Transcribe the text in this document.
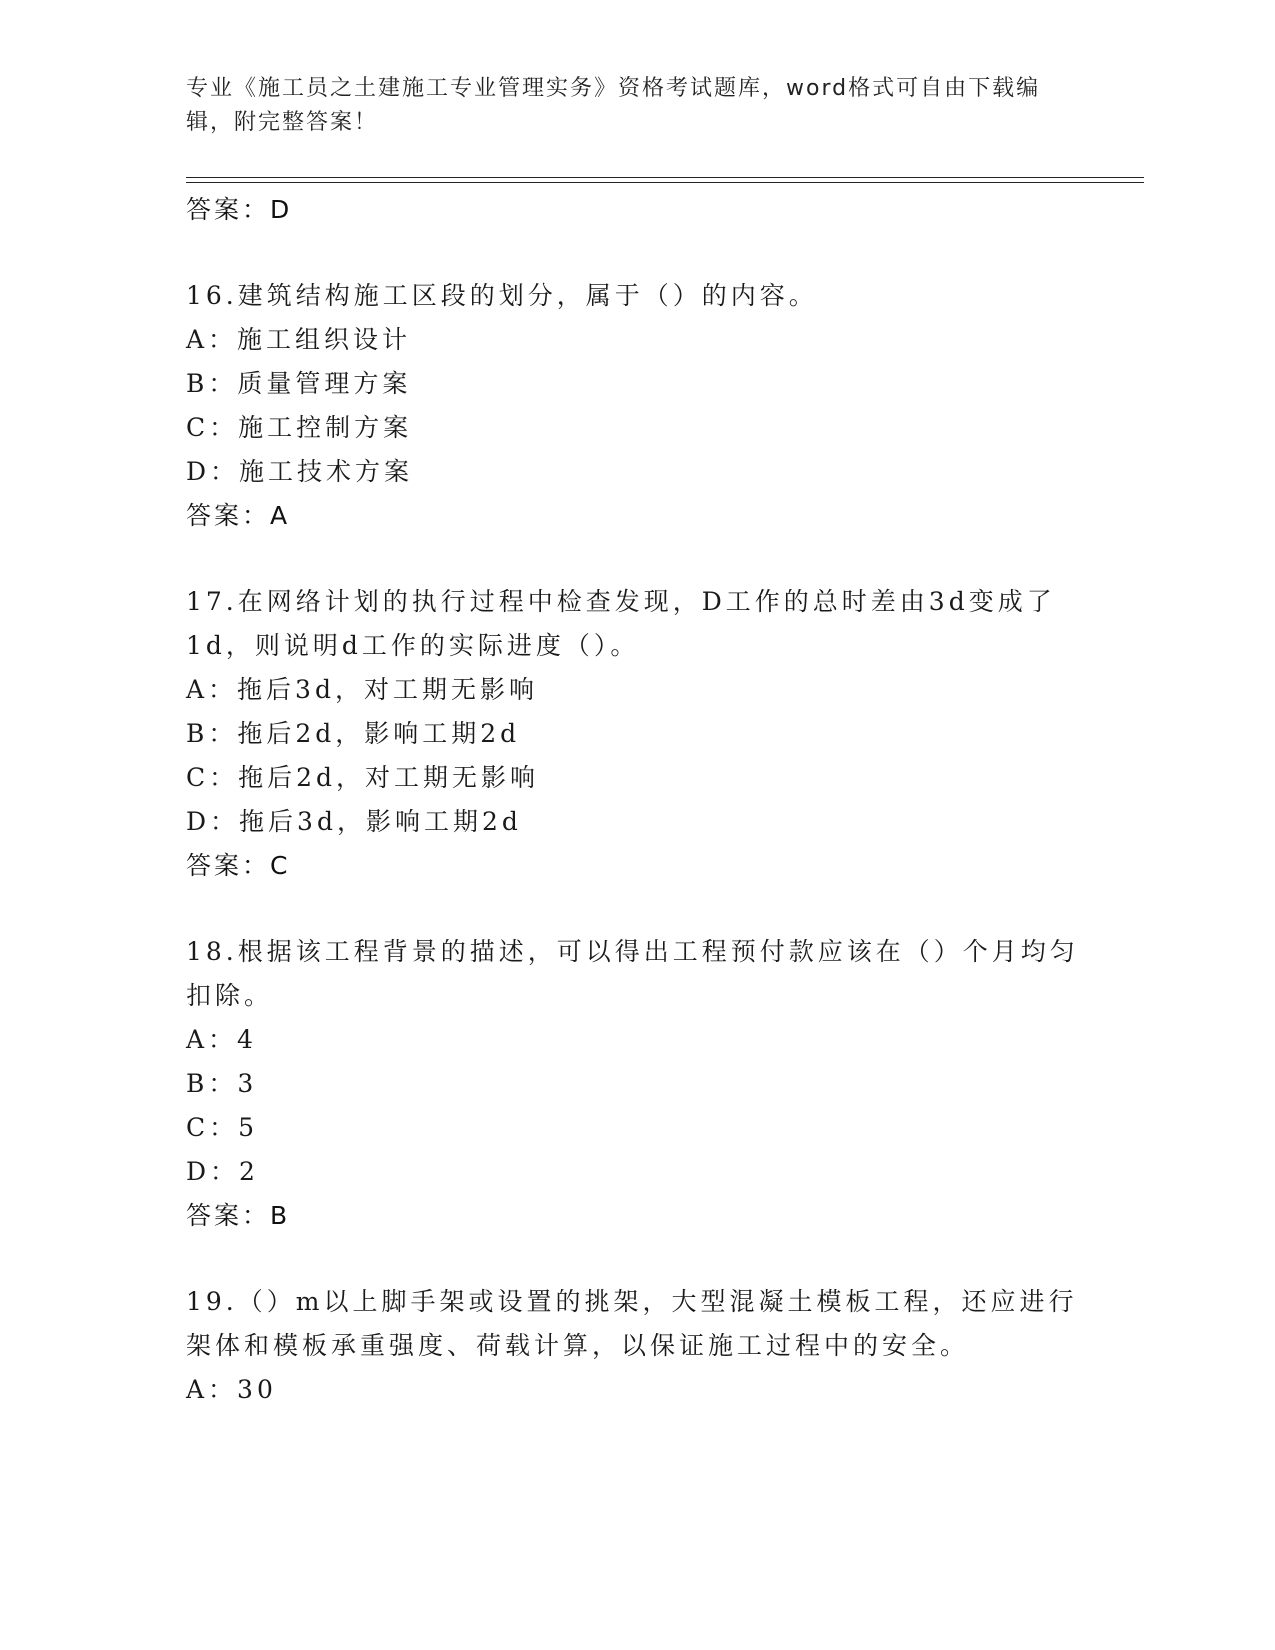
专业《施工员之土建施工专业管理实务》资格考试题库，word格式可自由下载编辑，附完整答案！
答案：D
16.建筑结构施工区段的划分，属于（）的内容。
A：施工组织设计
B：质量管理方案
C：施工控制方案
D：施工技术方案
答案：A
17.在网络计划的执行过程中检查发现，D工作的总时差由3d变成了
1d，则说明d工作的实际进度（）。
A：拖后3d，对工期无影响
B：拖后2d，影响工期2d
C：拖后2d，对工期无影响
D：拖后3d，影响工期2d
答案：C
18.根据该工程背景的描述，可以得出工程预付款应该在（）个月均匀
扣除。
A：4
B：3
C：5
D：2
答案：B
19.（）m以上脚手架或设置的挑架，大型混凝土模板工程，还应进行
架体和模板承重强度、荷载计算，以保证施工过程中的安全。
A：30
